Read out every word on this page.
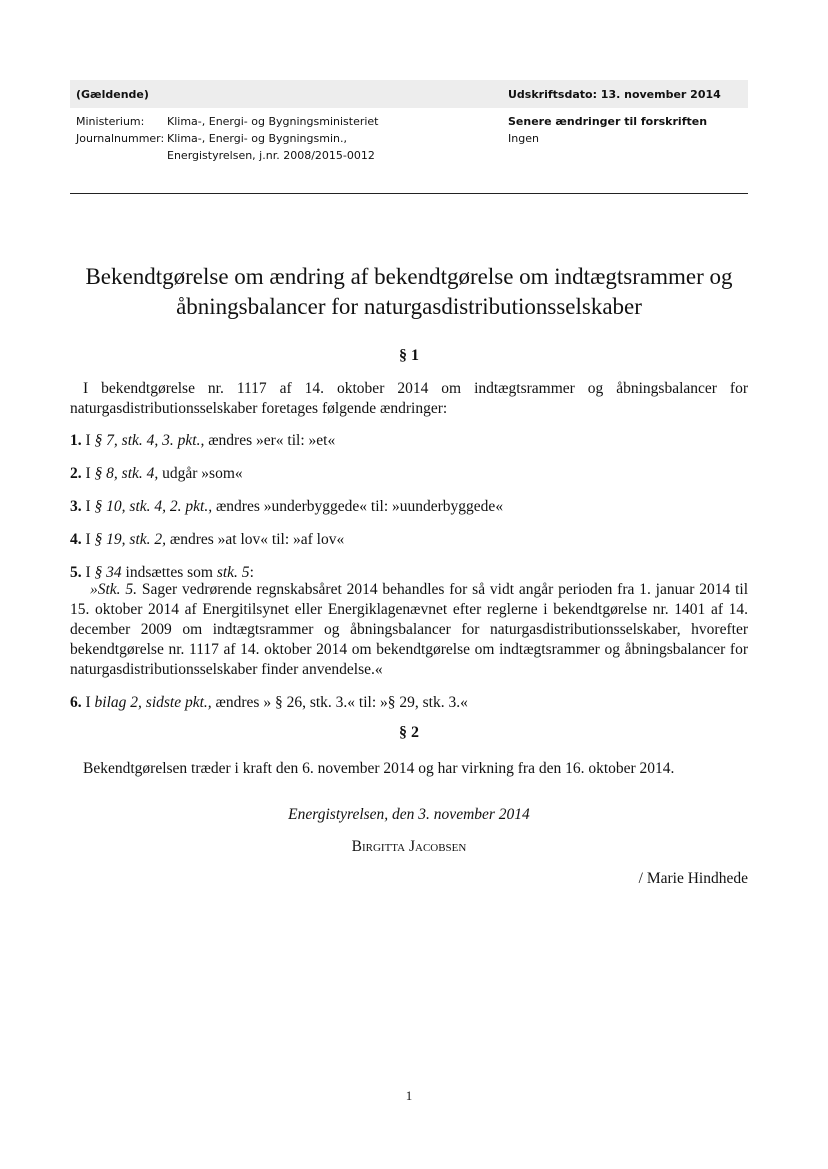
(Gældende)	Udskriftsdato: 13. november 2014
Ministerium:
Journalnummer:
Klima-, Energi- og Bygningsministeriet
Klima-, Energi- og Bygningsmin.,
Energistyrelsen, j.nr. 2008/2015-0012
Senere ændringer til forskriften
Ingen
Bekendtgørelse om ændring af bekendtgørelse om indtægtsrammer og
åbningsbalancer for naturgasdistributionsselskaber
§ 1
I bekendtgørelse nr. 1117 af 14. oktober 2014 om indtægtsrammer og åbningsbalancer for naturgasdistributionsselskaber foretages følgende ændringer:
1. I § 7, stk. 4, 3. pkt., ændres »er« til: »et«
2. I § 8, stk. 4, udgår »som«
3. I § 10, stk. 4, 2. pkt., ændres »underbyggede« til: »uunderbyggede«
4. I § 19, stk. 2, ændres »at lov« til: »af lov«
5. I § 34 indsættes som stk. 5:
»Stk. 5. Sager vedrørende regnskabsåret 2014 behandles for så vidt angår perioden fra 1. januar 2014 til 15. oktober 2014 af Energitilsynet eller Energiklagenævnet efter reglerne i bekendtgørelse nr. 1401 af 14. december 2009 om indtægtsrammer og åbningsbalancer for naturgasdistributionsselskaber, hvorefter bekendtgørelse nr. 1117 af 14. oktober 2014 om bekendtgørelse om indtægtsrammer og åbningsbalancer for naturgasdistributionsselskaber finder anvendelse.«
6. I bilag 2, sidste pkt., ændres » § 26, stk. 3.« til: »§ 29, stk. 3.«
§ 2
Bekendtgørelsen træder i kraft den 6. november 2014 og har virkning fra den 16. oktober 2014.
Energistyrelsen, den 3. november 2014
Birgitta Jacobsen
/ Marie Hindhede
1
